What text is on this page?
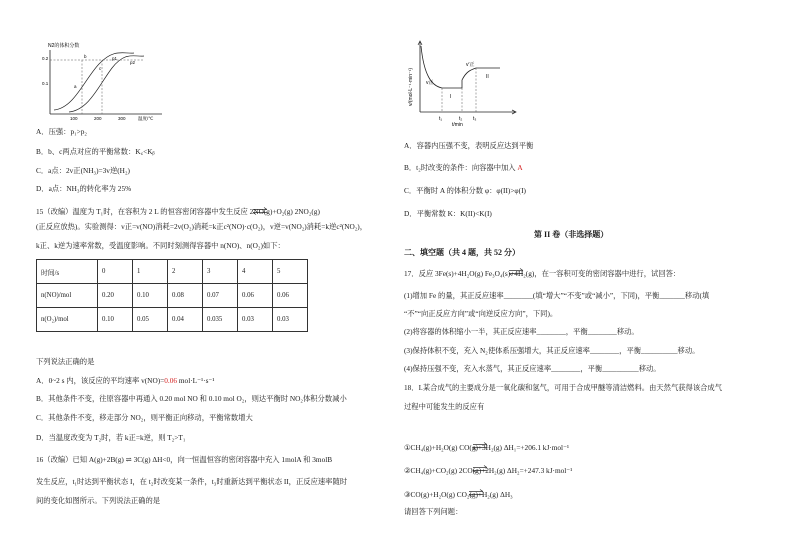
N2的体积分数
0.2
0.1
p1
p2
a
b
c
100	200	300	温度/℃
A．压强：p₁>p₂
B．b、c两点对应的平衡常数：K꜀<Kᵦ
C．a点：2v正(NH₃)=3v逆(H₂)
D．a点：NH₃的转化率为 25%
15（改编）温度为 T₁时，在容积为 2 L 的恒容密闭容器中发生反应 2NO(g)+O₂(g) 2NO₂(g)
(正反应放热)。实验测得：v正=v(NO)消耗=2v(O₂)消耗=k正c²(NO)·c(O₂)，v逆=v(NO₂)消耗=k逆c²(NO₂)，
k正、k逆为速率常数，受温度影响。不同时刻测得容器中 n(NO)、n(O₂)如下：
时间/s	0	1	2	3	4	5
n(NO)/mol	0.20	0.10	0.08	0.07	0.06	0.06
n(O₂)/mol	0.10	0.05	0.04	0.035	0.03	0.03
下列说法正确的是
A．0~2 s 内，该反应的平均速率 v(NO)=0.06 mol·L⁻¹·s⁻¹
B．其他条件不变，往原容器中再通入 0.20 mol NO 和 0.10 mol O₂，则达平衡时 NO₂体积分数减小
C．其他条件不变，移走部分 NO₂，则平衡正向移动，平衡常数增大
D．当温度改变为 T₂时，若 k正=k逆，则 T₂>T₁
16（改编）已知 A(g)+2B(g) ⇌ 3C(g) ΔH<0，向一恒温恒容的密闭容器中充入 1molA 和 3molB
发生反应，t₁时达到平衡状态 I，在 t₂时改变某一条件，t₃时重新达到平衡状态 II，正反应速率随时
间的变化如图所示。下列说法正确的是
v/(mol·L⁻¹·min⁻¹) v正
v′正
I
II
t₁	t₂ t₃
t/min
A．容器内压强不变，表明反应达到平衡
B．t₂时改变的条件：向容器中加入 A
C．平衡时 A 的体积分数 φ：φ(II)>φ(I)
D．平衡常数 K：K(II)<K(I)
第 II 卷（非选择题）
二、填空题（共 4 题，共 52 分）
17．反应 3Fe(s)+4H₂O(g) Fe₃O₄(s)+4H₂(g)，在一容积可变的密闭容器中进行，试回答：
(1)增加 Fe 的量，其正反应速率________(填“增大”“不变”或“减小”，下同)，平衡_______移动(填
“不”“向正反应方向”或“向逆反应方向”，下同)。
(2)将容器的体积缩小一半，其正反应速率________，平衡________移动。
(3)保持体积不变，充入 N₂使体系压强增大，其正反应速率________，平衡__________移动。
(4)保持压强不变，充入水蒸气，其正反应速率________，平衡__________移动。
18．I.某合成气的主要成分是一氧化碳和氢气，可用于合成甲醚等清洁燃料。由天然气获得该合成气
过程中可能发生的反应有
①CH₄(g)+H₂O(g) CO(g)+3H₂(g) ΔH₁=+206.1 kJ·mol⁻¹
②CH₄(g)+CO₂(g) 2CO(g)+2H₂(g) ΔH₂=+247.3 kJ·mol⁻¹
③CO(g)+H₂O(g) CO₂(g)+H₂(g) ΔH₃
请回答下列问题：
